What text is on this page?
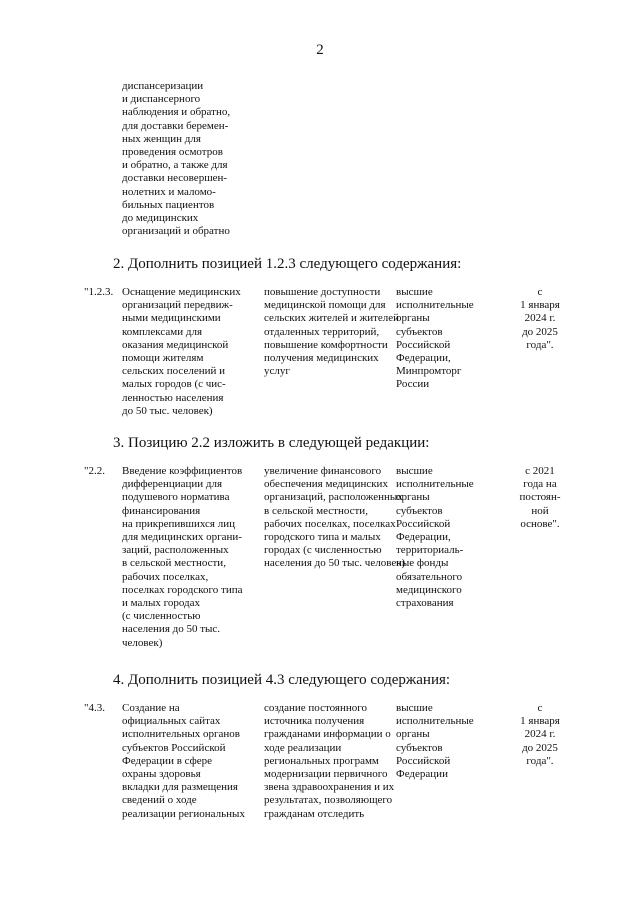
2
диспансеризации
и диспансерного
наблюдения и обратно,
для доставки беремен-
ных женщин для
проведения осмотров
и обратно, а также для
доставки несовершен-
нолетних и маломо-
бильных пациентов
до медицинских
организаций и обратно
2. Дополнить позицией 1.2.3 следующего содержания:
"1.2.3. Оснащение медицинских
организаций передвиж-
ными медицинскими
комплексами для
оказания медицинской
помощи жителям
сельских поселений и
малых городов (с чис-
ленностью населения
до 50 тыс. человек)
повышение доступности
медицинской помощи для
сельских жителей и жителей
отдаленных территорий,
повышение комфортности
получения медицинских
услуг
высшие
исполнительные
органы
субъектов
Российской
Федерации,
Минпромторг
России
с
1 января
2024 г.
до 2025
года".
3. Позицию 2.2 изложить в следующей редакции:
"2.2.	Введение коэффициентов
дифференциации для
подушевого норматива
финансирования
на прикрепившихся лиц
для медицинских органи-
заций, расположенных
в сельской местности,
рабочих поселках,
поселках городского типа
и малых городах
(с численностью
населения до 50 тыс.
человек)
увеличение финансового
обеспечения медицинских
организаций, расположенных
в сельской местности,
рабочих поселках, поселках
городского типа и малых
городах (с численностью
населения до 50 тыс. человек)
высшие
исполнительные
органы
субъектов
Российской
Федерации,
территориаль-
ные фонды
обязательного
медицинского
страхования
с 2021
года на
постоян-
ной
основе".
4. Дополнить позицией 4.3 следующего содержания:
"4.3.	Создание на
официальных сайтах
исполнительных органов
субъектов Российской
Федерации в сфере
охраны здоровья
вкладки для размещения
сведений о ходе
реализации региональных
создание постоянного
источника получения
гражданами информации о
ходе реализации
региональных программ
модернизации первичного
звена здравоохранения и их
результатах, позволяющего
гражданам отследить
высшие
исполнительные
органы
субъектов
Российской
Федерации
с
1 января
2024 г.
до 2025
года".
